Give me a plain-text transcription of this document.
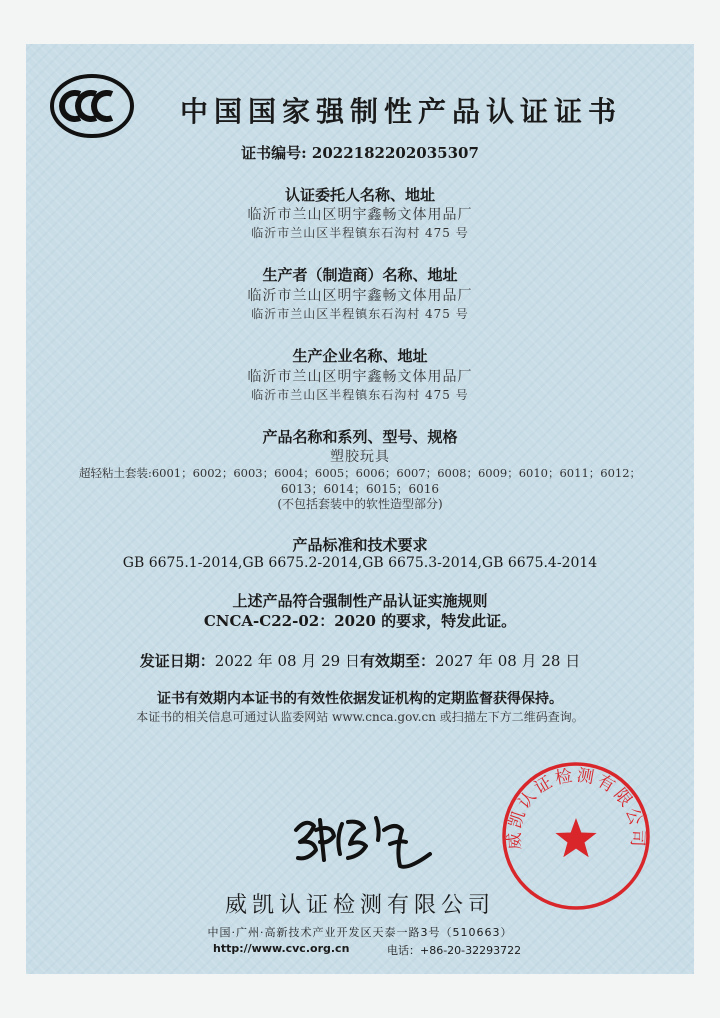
中国国家强制性产品认证证书
证书编号: 2022182202035307
认证委托人名称、地址
临沂市兰山区明宇鑫畅文体用品厂
临沂市兰山区半程镇东石沟村 475 号
生产者（制造商）名称、地址
临沂市兰山区明宇鑫畅文体用品厂
临沂市兰山区半程镇东石沟村 475 号
生产企业名称、地址
临沂市兰山区明宇鑫畅文体用品厂
临沂市兰山区半程镇东石沟村 475 号
产品名称和系列、型号、规格
塑胶玩具
超轻粘土套装:6001；6002；6003；6004；6005；6006；6007；6008；6009；6010；6011；6012；
6013；6014；6015；6016
(不包括套装中的软性造型部分)
产品标准和技术要求
GB 6675.1-2014,GB 6675.2-2014,GB 6675.3-2014,GB 6675.4-2014
上述产品符合强制性产品认证实施规则
CNCA-C22-02：2020 的要求，特发此证。
发证日期：2022 年 08 月 29 日有效期至：2027 年 08 月 28 日
证书有效期内本证书的有效性依据发证机构的定期监督获得保持。
本证书的相关信息可通过认监委网站 www.cnca.gov.cn 或扫描左下方二维码查询。
威凯认证检测有限公司
中国·广州·高新技术产业开发区天泰一路3号（510663）
http://www.cvc.org.cn	电话：+86-20-32293722
威凯认证检测有限公司
